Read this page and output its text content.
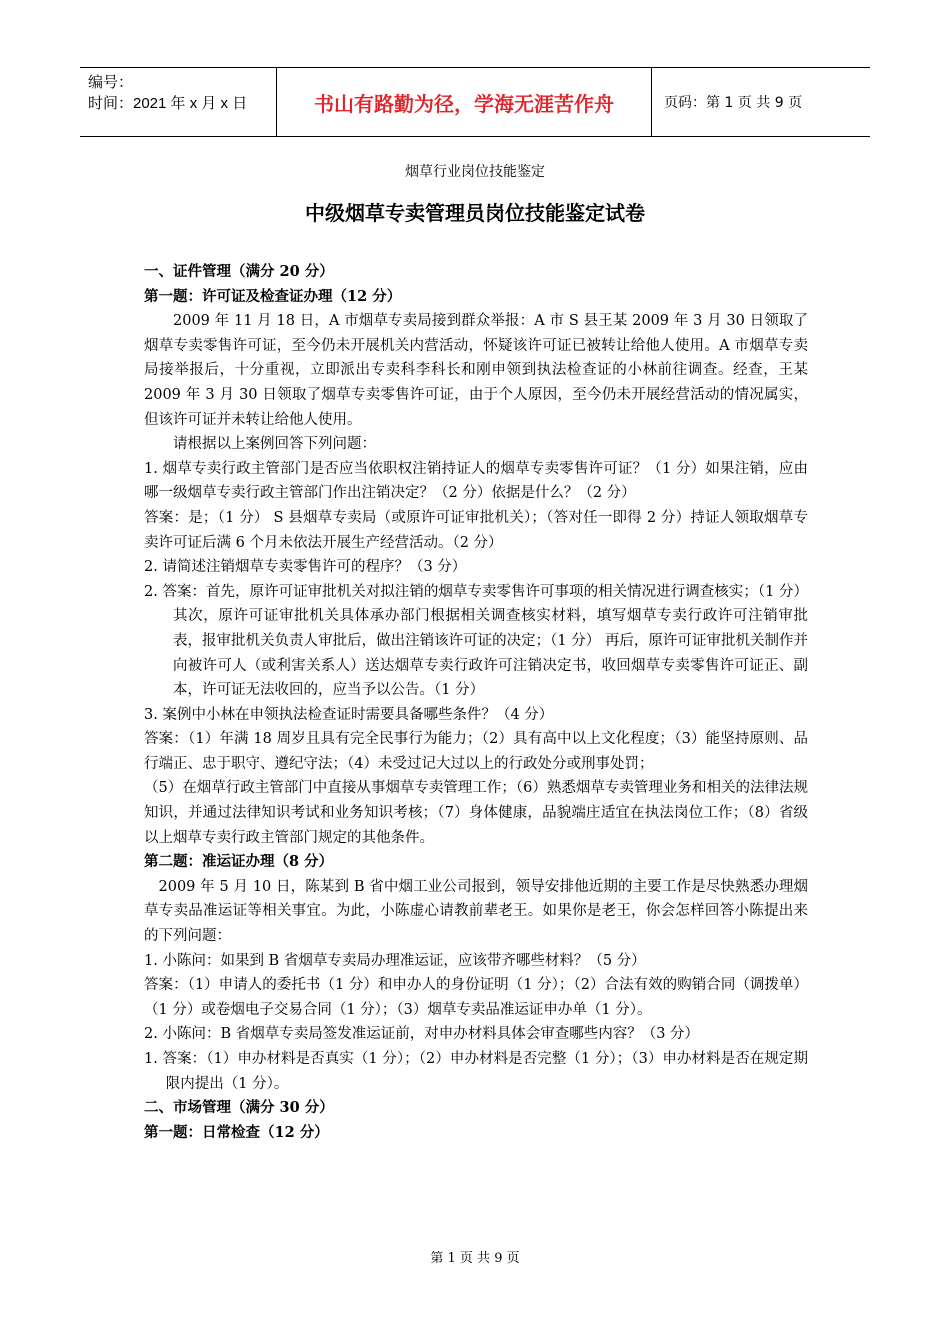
编号：
时间：2021 年 x 月 x 日	书山有路勤为径，学海无涯苦作舟	页码：第 1 页 共 9 页
烟草行业岗位技能鉴定
中级烟草专卖管理员岗位技能鉴定试卷

一、证件管理（满分 20 分）

第一题：许可证及检查证办理（12 分）

2009 年 11 月 18 日，A 市烟草专卖局接到群众举报：A 市 S 县王某 2009 年 3 月 30 日领取了烟草专卖零售许可证，至今仍未开展机关内营活动，怀疑该许可证已被转让给他人使用。A 市烟草专卖局接举报后，十分重视，立即派出专卖科李科长和刚申领到执法检查证的小林前往调查。经查，王某 2009 年 3 月 30 日领取了烟草专卖零售许可证，由于个人原因，至今仍未开展经营活动的情况属实，但该许可证并未转让给他人使用。

请根据以上案例回答下列问题：

1. 烟草专卖行政主管部门是否应当依职权注销持证人的烟草专卖零售许可证？（1 分）如果注销，应由哪一级烟草专卖行政主管部门作出注销决定？（2 分）依据是什么？（2 分）

答案：是；（1 分） S 县烟草专卖局（或原许可证审批机关）；（答对任一即得 2 分）持证人领取烟草专卖许可证后满 6 个月未依法开展生产经营活动。（2 分）

2. 请简述注销烟草专卖零售许可的程序？（3 分）

2. 答案：首先，原许可证审批机关对拟注销的烟草专卖零售许可事项的相关情况进行调查核实；（1 分） 其次，原许可证审批机关具体承办部门根据相关调查核实材料，填写烟草专卖行政许可注销审批表，报审批机关负责人审批后，做出注销该许可证的决定；（1 分） 再后，原许可证审批机关制作并向被许可人（或利害关系人）送达烟草专卖行政许可注销决定书，收回烟草专卖零售许可证正、副本，许可证无法收回的，应当予以公告。（1 分）

3. 案例中小林在申领执法检查证时需要具备哪些条件？（4 分）

答案：（1）年满 18 周岁且具有完全民事行为能力；（2）具有高中以上文化程度；（3）能坚持原则、品行端正、忠于职守、遵纪守法；（4）未受过记大过以上的行政处分或刑事处罚；

（5）在烟草行政主管部门中直接从事烟草专卖管理工作；（6）熟悉烟草专卖管理业务和相关的法律法规知识，并通过法律知识考试和业务知识考核；（7）身体健康，品貌端庄适宜在执法岗位工作；（8）省级以上烟草专卖行政主管部门规定的其他条件。

第二题：准运证办理（8 分）

2009 年 5 月 10 日，陈某到 B 省中烟工业公司报到，领导安排他近期的主要工作是尽快熟悉办理烟草专卖品准运证等相关事宜。为此，小陈虚心请教前辈老王。如果你是老王，你会怎样回答小陈提出来的下列问题：

1. 小陈问：如果到 B 省烟草专卖局办理准运证，应该带齐哪些材料？（5 分）

答案：（1）申请人的委托书（1 分）和申办人的身份证明（1 分）；（2）合法有效的购销合同（调拨单）（1 分）或卷烟电子交易合同（1 分）；（3）烟草专卖品准运证申办单（1 分）。

2. 小陈问：B 省烟草专卖局签发准运证前，对申办材料具体会审查哪些内容？（3 分）

1. 答案：（1）申办材料是否真实（1 分）；（2）申办材料是否完整（1 分）；（3）申办材料是否在规定期限内提出（1 分）。

二、市场管理（满分 30 分）

第一题：日常检查（12 分）

第 1 页 共 9 页
